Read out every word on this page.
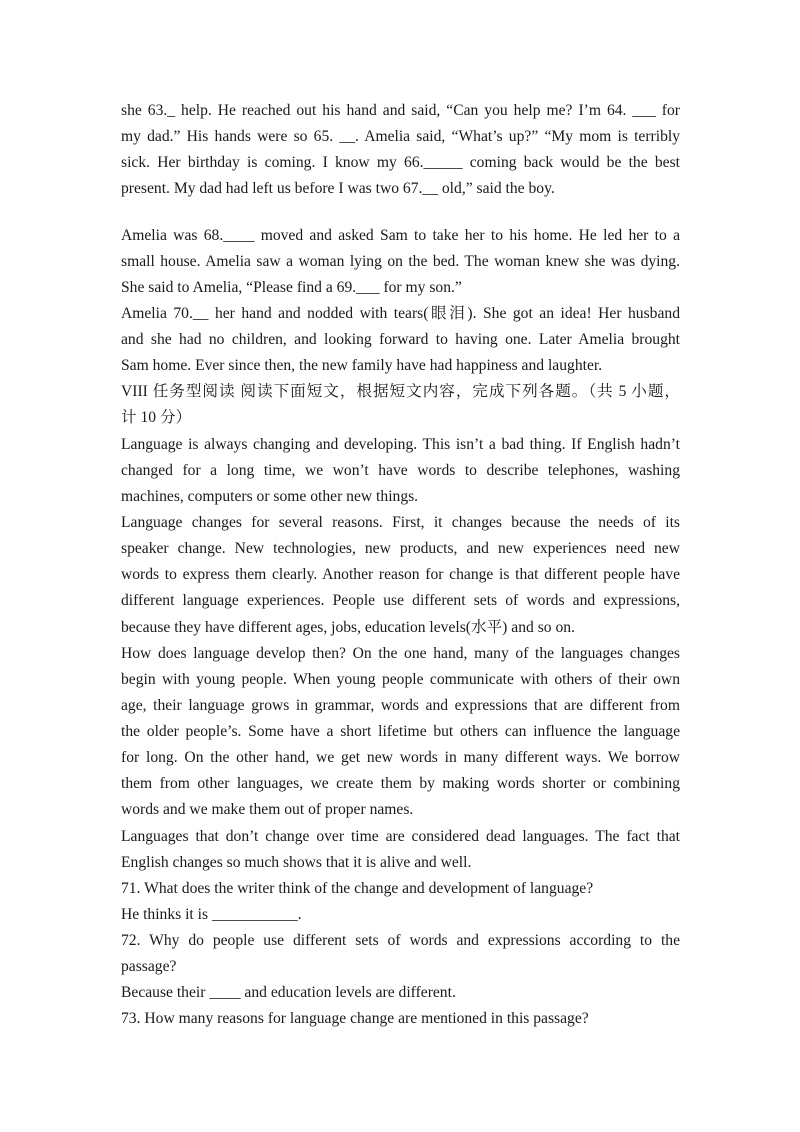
she 63._ help. He reached out his hand and said, “Can you help me? I’m 64. ___ for
my dad.” His hands were so 65. __. Amelia said, “What’s up?” “My mom is terribly
sick. Her birthday is coming. I know my 66._____ coming back would be the best
present. My dad had left us before I was two 67.__ old,” said the boy.
Amelia was 68.____ moved and asked Sam to take her to his home. He led her to a
small house. Amelia saw a woman lying on the bed. The woman knew she was dying.
She said to Amelia, “Please find a 69.___ for my son.”
Amelia 70.__ her hand and nodded with tears(眼泪). She got an idea! Her husband
and she had no children, and looking forward to having one. Later Amelia brought
Sam home. Ever since then, the new family have had happiness and laughter.
VIII 任务型阅读 阅读下面短文，根据短文内容，完成下列各题。（共 5 小题，
计 10 分）
Language is always changing and developing. This isn’t a bad thing. If English hadn’t
changed for a long time, we won’t have words to describe telephones, washing
machines, computers or some other new things.
Language changes for several reasons. First, it changes because the needs of its
speaker change. New technologies, new products, and new experiences need new
words to express them clearly. Another reason for change is that different people have
different language experiences. People use different sets of words and expressions,
because they have different ages, jobs, education levels(水平) and so on.
How does language develop then? On the one hand, many of the languages changes
begin with young people. When young people communicate with others of their own
age, their language grows in grammar, words and expressions that are different from
the older people’s. Some have a short lifetime but others can influence the language
for long. On the other hand, we get new words in many different ways. We borrow
them from other languages, we create them by making words shorter or combining
words and we make them out of proper names.
Languages that don’t change over time are considered dead languages. The fact that
English changes so much shows that it is alive and well.
71. What does the writer think of the change and development of language?
He thinks it is ___________.
72. Why do people use different sets of words and expressions according to the
passage?
Because their ____ and education levels are different.
73. How many reasons for language change are mentioned in this passage?
